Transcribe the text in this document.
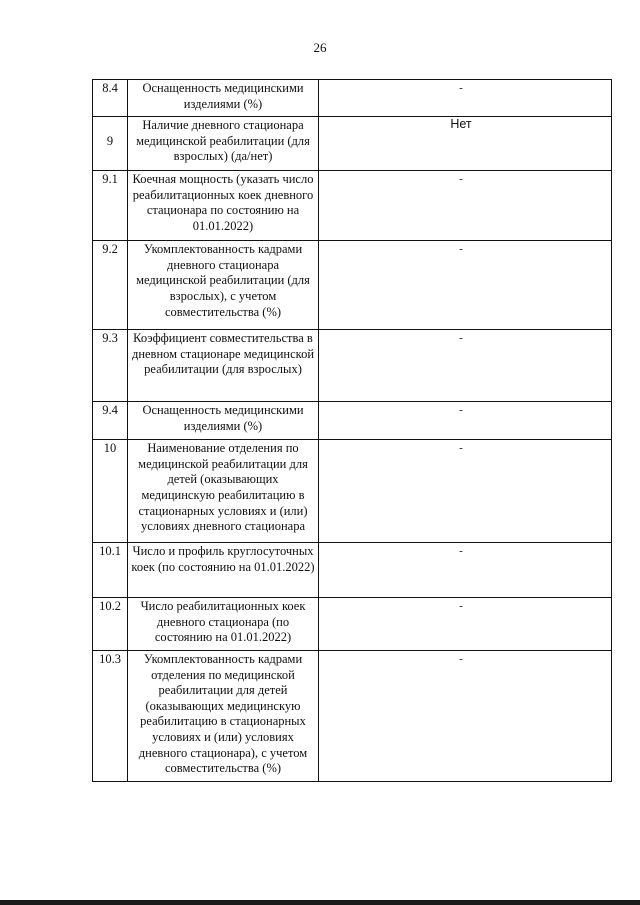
26
8.4	Оснащенность медицинскими изделиями (%)	-
9	Наличие дневного стационара медицинской реабилитации (для взрослых) (да/нет)	Нет
9.1	Коечная мощность (указать число реабилитационных коек дневного стационара по состоянию на 01.01.2022)	-
9.2	Укомплектованность кадрами дневного стационара медицинской реабилитации (для взрослых), с учетом совместительства (%)	-
9.3	Коэффициент совместительства в дневном стационаре медицинской реабилитации (для взрослых)	-
9.4	Оснащенность медицинскими изделиями (%)	-
10	Наименование отделения по медицинской реабилитации для детей (оказывающих медицинскую реабилитацию в стационарных условиях и (или) условиях дневного стационара	-
10.1	Число и профиль круглосуточных коек (по состоянию на 01.01.2022)	-
10.2	Число реабилитационных коек дневного стационара (по состоянию на 01.01.2022)	-
10.3	Укомплектованность кадрами отделения по медицинской реабилитации для детей (оказывающих медицинскую реабилитацию в стационарных условиях и (или) условиях дневного стационара), с учетом совместительства (%)	-
